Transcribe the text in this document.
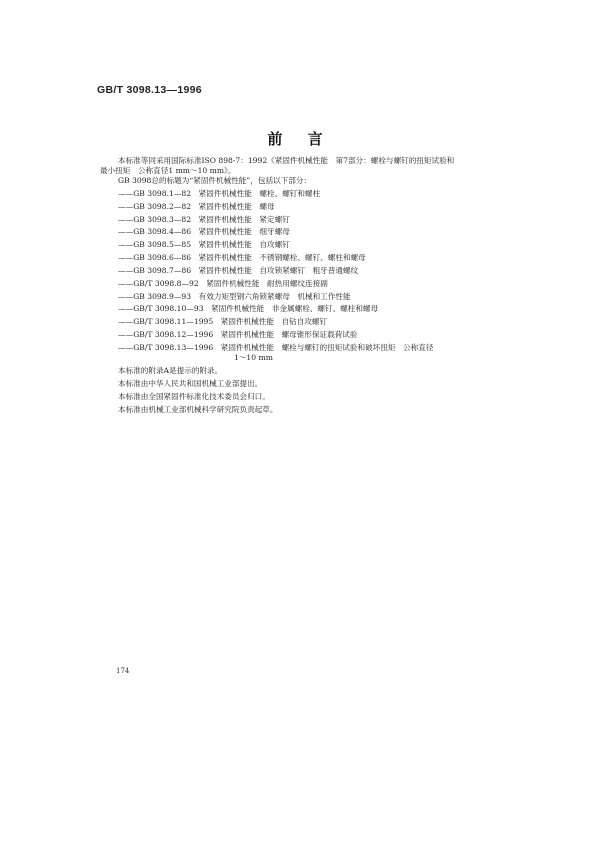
GB/T 3098.13—1996
前 言

本标准等同采用国际标准ISO 898-7：1992《紧固件机械性能　第7部分：螺栓与螺钉的扭矩试验和

最小扭矩　公称直径1 mm～10 mm》。

GB 3098总的标题为“紧固件机械性能”，包括以下部分：

——GB 3098.1—82　紧固件机械性能　螺栓、螺钉和螺柱
——GB 3098.2—82　紧固件机械性能　螺母
——GB 3098.3—82　紧固件机械性能　紧定螺钉
——GB 3098.4—86　紧固件机械性能　细牙螺母
——GB 3098.5—85　紧固件机械性能　自攻螺钉
——GB 3098.6—86　紧固件机械性能　不锈钢螺栓、螺钉、螺柱和螺母
——GB 3098.7—86　紧固件机械性能　自攻锁紧螺钉　粗牙普通螺纹
——GB/T 3098.8—92　紧固件机械性能　耐热用螺纹连接副
——GB 3098.9—93　有效力矩型钢六角锁紧螺母　机械和工作性能
——GB/T 3098.10—93　紧固件机械性能　非金属螺栓、螺钉、螺柱和螺母
——GB/T 3098.11—1995　紧固件机械性能　自钻自攻螺钉
——GB/T 3098.12—1996　紧固件机械性能　螺母锥形保证载荷试验
——GB/T 3098.13—1996　紧固件机械性能　螺栓与螺钉的扭矩试验和破坏扭矩　公称直径
1～10 mm

本标准的附录A是提示的附录。

本标准由中华人民共和国机械工业部提出。

本标准由全国紧固件标准化技术委员会归口。

本标准由机械工业部机械科学研究院负责起草。

174
